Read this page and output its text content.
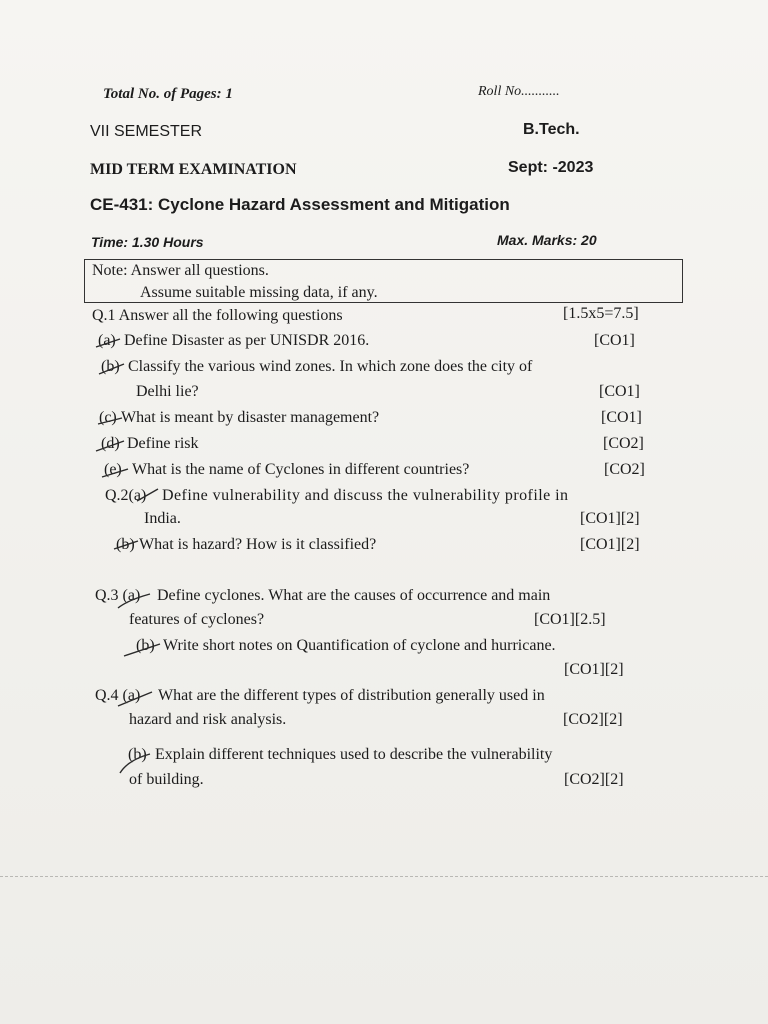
Total No. of Pages: 1	Roll No...........
VII SEMESTER	B.Tech.
MID TERM EXAMINATION	Sept: -2023
CE-431: Cyclone Hazard Assessment and Mitigation
Time: 1.30 Hours	Max. Marks: 20
Note: Answer all questions.
Assume suitable missing data, if any.
Q.1 Answer all the following questions	[1.5x5=7.5]
(a) Define Disaster as per UNISDR 2016.	[CO1]
(b) Classify the various wind zones. In which zone does the city of
Delhi lie?	[CO1]
(c) What is meant by disaster management?	[CO1]
(d) Define risk	[CO2]
(e) What is the name of Cyclones in different countries?	[CO2]
Q.2(a) Define vulnerability and discuss the vulnerability profile in
India.	[CO1][2]
(b) What is hazard? How is it classified?	[CO1][2]
Q.3 (a) Define cyclones. What are the causes of occurrence and main
features of cyclones?	[CO1][2.5]
(b) Write short notes on Quantification of cyclone and hurricane.
[CO1][2]
Q.4 (a) What are the different types of distribution generally used in
hazard and risk analysis.	[CO2][2]
(b) Explain different techniques used to describe the vulnerability
of building.	[CO2][2]
